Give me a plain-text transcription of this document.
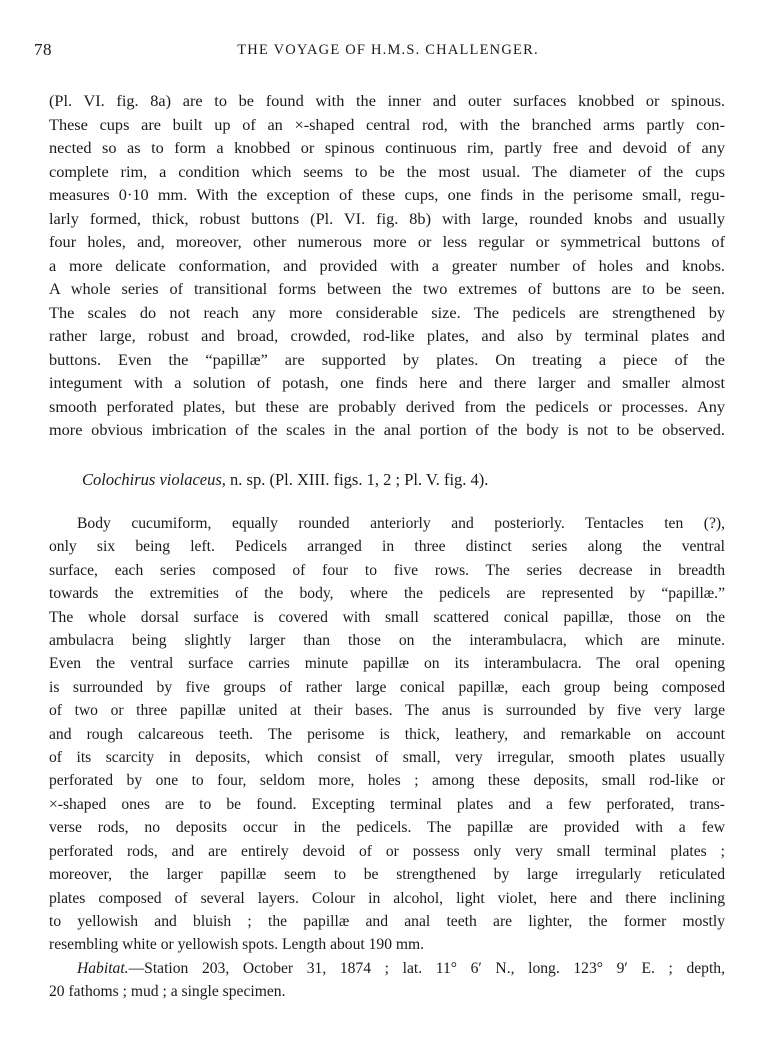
78	THE VOYAGE OF H.M.S. CHALLENGER.
(Pl. VI. fig. 8a) are to be found with the inner and outer surfaces knobbed or spinous.
These cups are built up of an ×-shaped central rod, with the branched arms partly con-
nected so as to form a knobbed or spinous continuous rim, partly free and devoid of any
complete rim, a condition which seems to be the most usual. The diameter of the cups
measures 0·10 mm. With the exception of these cups, one finds in the perisome small, regu-
larly formed, thick, robust buttons (Pl. VI. fig. 8b) with large, rounded knobs and usually
four holes, and, moreover, other numerous more or less regular or symmetrical buttons of
a more delicate conformation, and provided with a greater number of holes and knobs.
A whole series of transitional forms between the two extremes of buttons are to be seen.
The scales do not reach any more considerable size. The pedicels are strengthened by
rather large, robust and broad, crowded, rod-like plates, and also by terminal plates and
buttons. Even the “papillæ” are supported by plates. On treating a piece of the
integument with a solution of potash, one finds here and there larger and smaller almost
smooth perforated plates, but these are probably derived from the pedicels or processes. Any
more obvious imbrication of the scales in the anal portion of the body is not to be observed.
Colochirus violaceus, n. sp. (Pl. XIII. figs. 1, 2 ; Pl. V. fig. 4).
Body cucumiform, equally rounded anteriorly and posteriorly. Tentacles ten (?),
only six being left. Pedicels arranged in three distinct series along the ventral
surface, each series composed of four to five rows. The series decrease in breadth
towards the extremities of the body, where the pedicels are represented by “papillæ.”
The whole dorsal surface is covered with small scattered conical papillæ, those on the
ambulacra being slightly larger than those on the interambulacra, which are minute.
Even the ventral surface carries minute papillæ on its interambulacra. The oral opening
is surrounded by five groups of rather large conical papillæ, each group being composed
of two or three papillæ united at their bases. The anus is surrounded by five very large
and rough calcareous teeth. The perisome is thick, leathery, and remarkable on account
of its scarcity in deposits, which consist of small, very irregular, smooth plates usually
perforated by one to four, seldom more, holes ; among these deposits, small rod-like or
×-shaped ones are to be found. Excepting terminal plates and a few perforated, trans-
verse rods, no deposits occur in the pedicels. The papillæ are provided with a few
perforated rods, and are entirely devoid of or possess only very small terminal plates ;
moreover, the larger papillæ seem to be strengthened by large irregularly reticulated
plates composed of several layers. Colour in alcohol, light violet, here and there inclining
to yellowish and bluish ; the papillæ and anal teeth are lighter, the former mostly
resembling white or yellowish spots. Length about 190 mm.
Habitat.—Station 203, October 31, 1874 ; lat. 11° 6′ N., long. 123° 9′ E. ; depth,
20 fathoms ; mud ; a single specimen.
